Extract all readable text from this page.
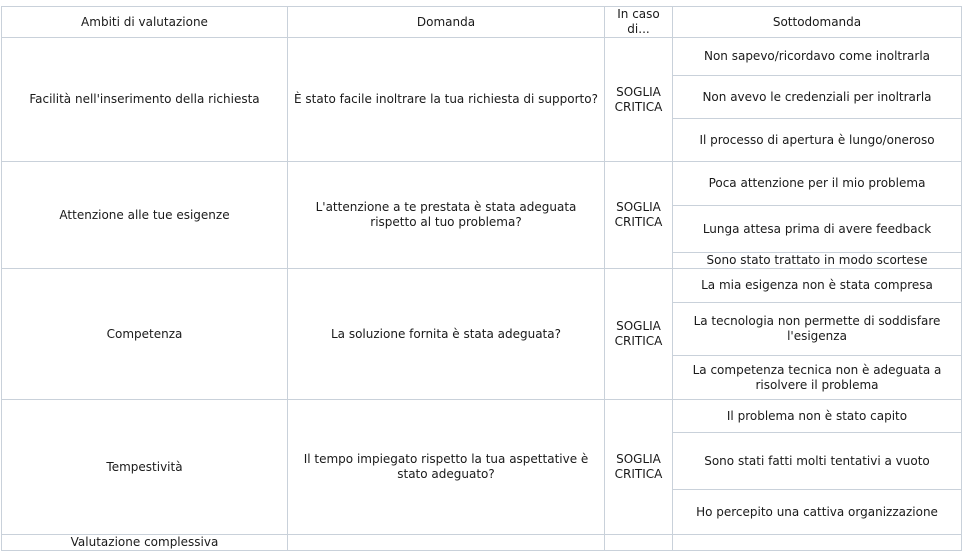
Ambiti di valutazione	Domanda	In caso di...	Sottodomanda
Facilità nell'inserimento della richiesta	È stato facile inoltrare la tua richiesta di supporto?	SOGLIA CRITICA	Non sapevo/ricordavo come inoltrarla
			Non avevo le credenziali per inoltrarla
			Il processo di apertura è lungo/oneroso
Attenzione alle tue esigenze	L'attenzione a te prestata è stata adeguata rispetto al tuo problema?	SOGLIA CRITICA	Poca attenzione per il mio problema
			Lunga attesa prima di avere feedback
			Sono stato trattato in modo scortese
Competenza	La soluzione fornita è stata adeguata?	SOGLIA CRITICA	La mia esigenza non è stata compresa
			La tecnologia non permette di soddisfare l'esigenza
			La competenza tecnica non è adeguata a risolvere il problema
Tempestività	Il tempo impiegato rispetto la tua aspettative è stato adeguato?	SOGLIA CRITICA	Il problema non è stato capito
			Sono stati fatti molti tentativi a vuoto
			Ho percepito una cattiva organizzazione
Valutazione complessiva			
